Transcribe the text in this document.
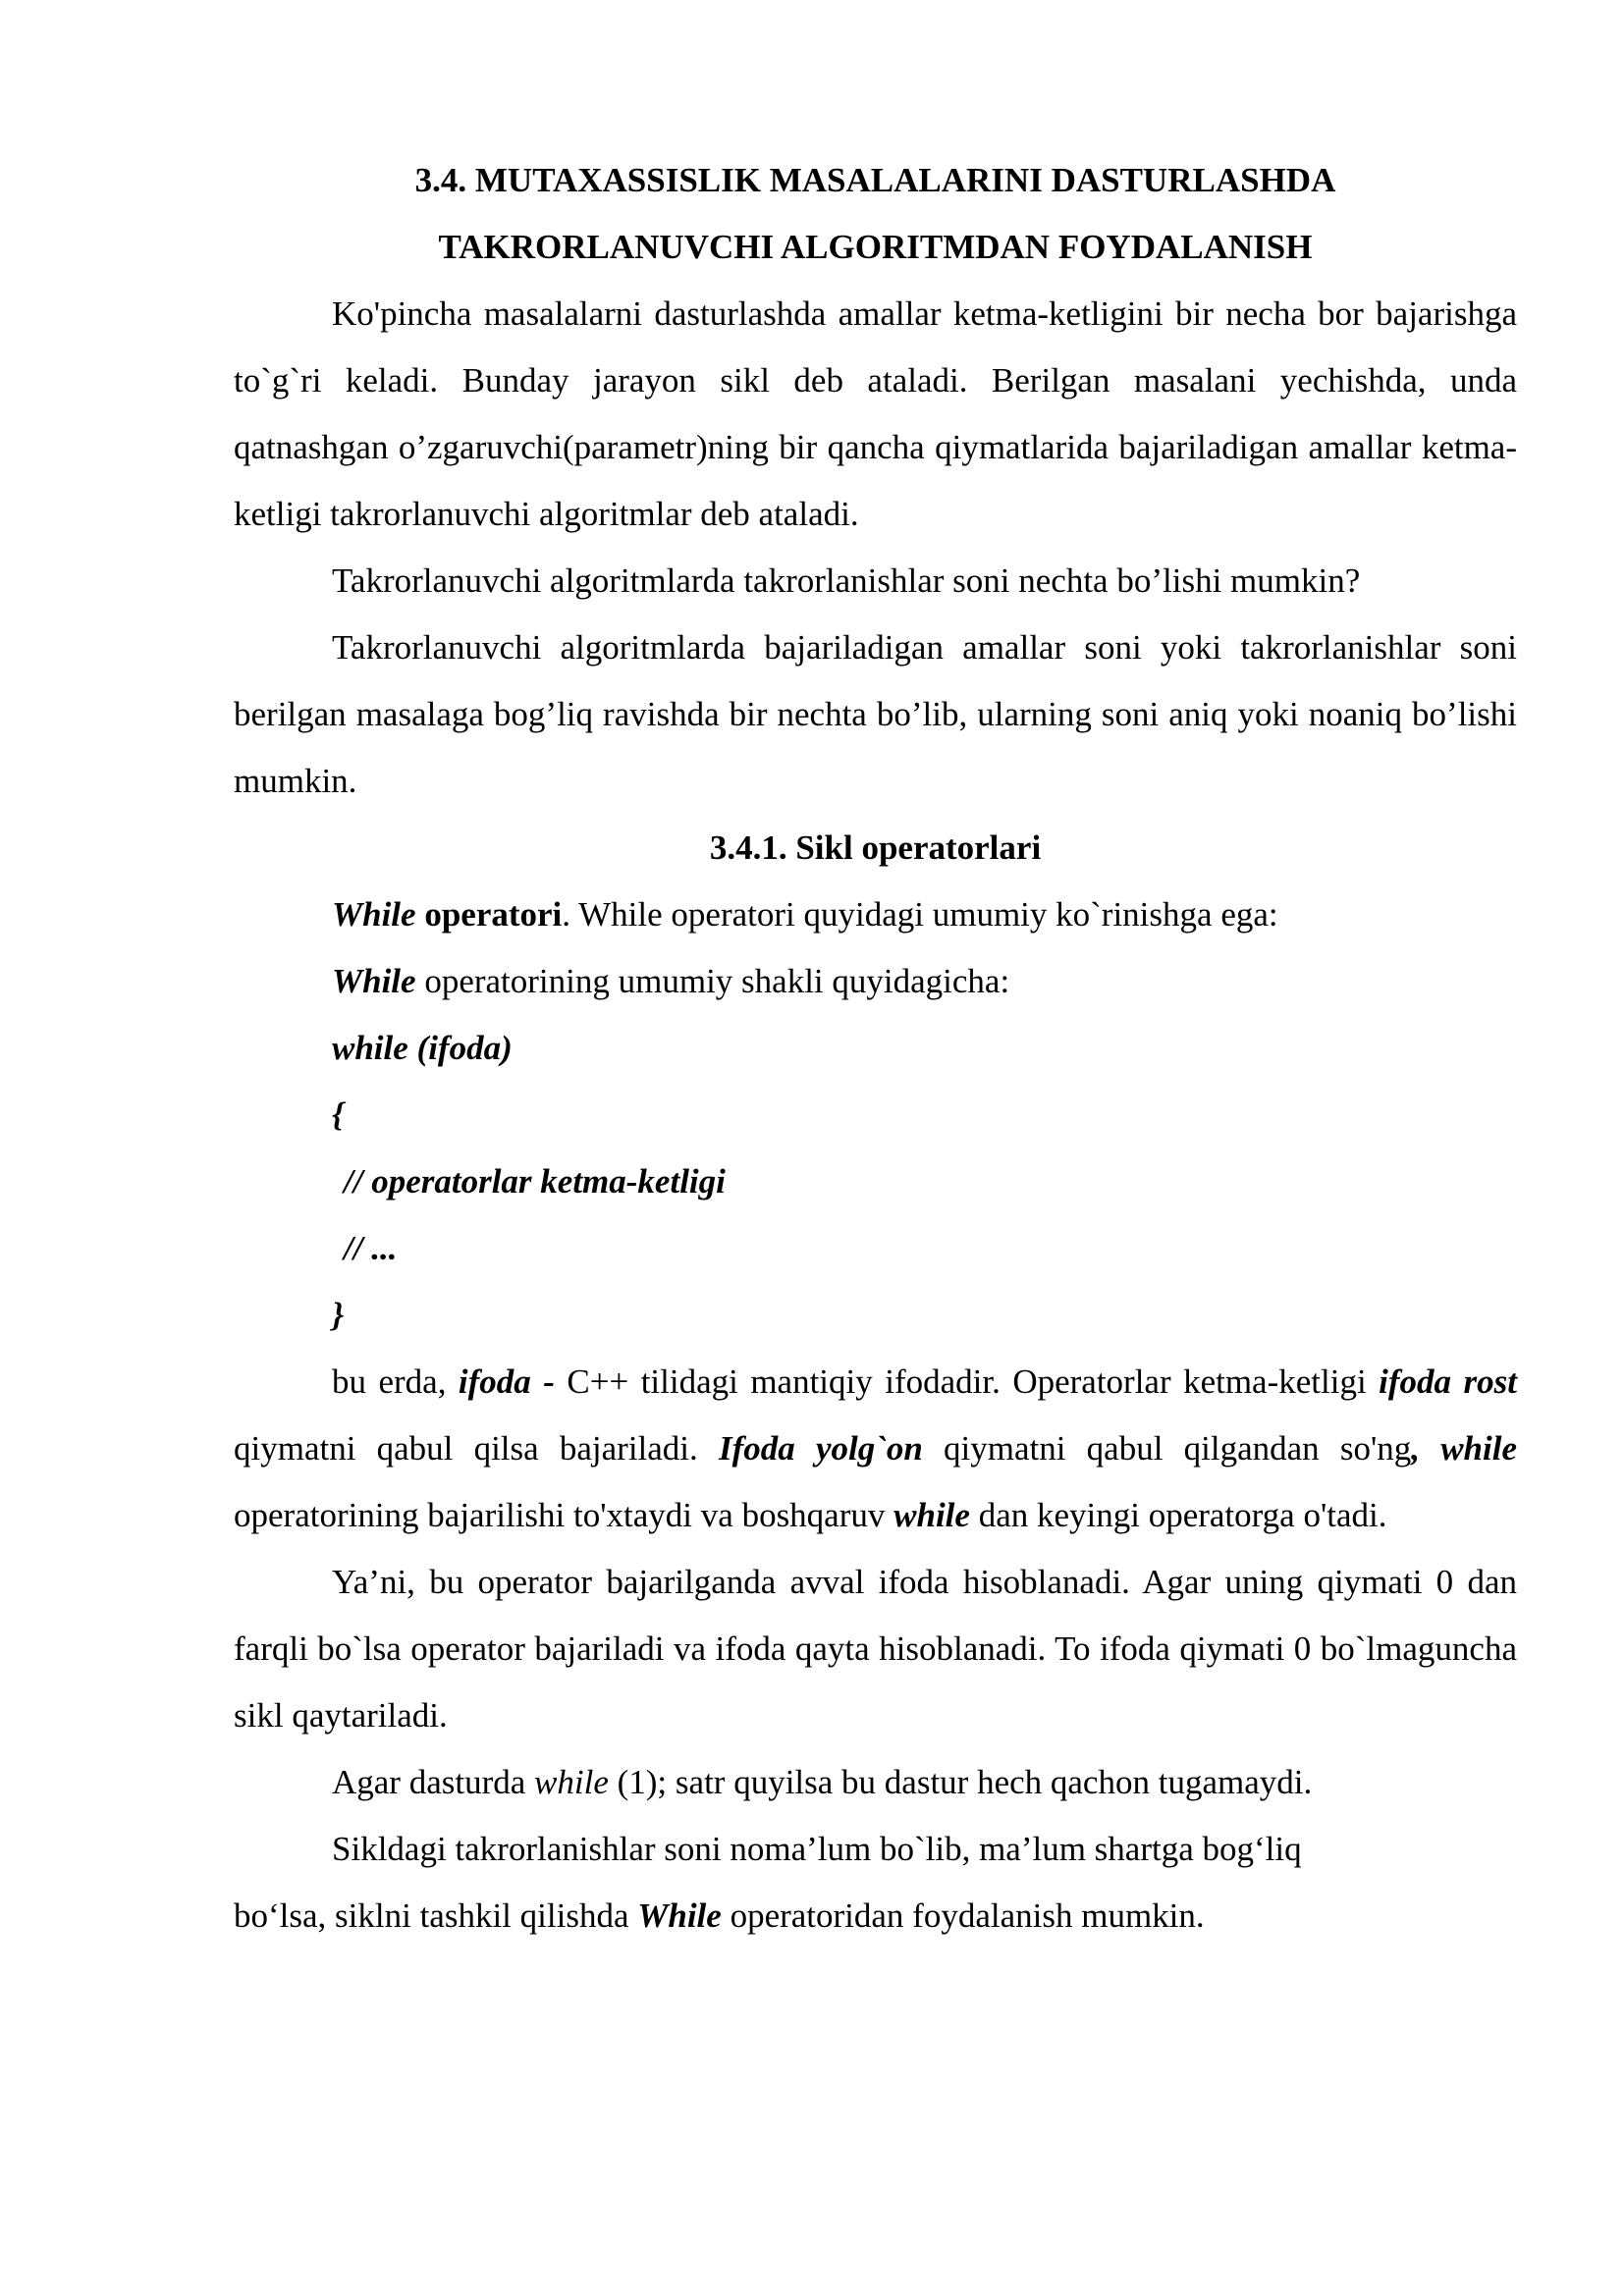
3.4. MUTAXASSISLIK MASALALARINI DASTURLASHDA

TAKRORLANUVCHI ALGORITMDAN FOYDALANISH

Ko'pincha masalalarni dasturlashda amallar ketma-ketligini bir necha bor bajarishga to`g`ri keladi. Bunday jarayon sikl deb ataladi. Berilgan masalani yechishda, unda qatnashgan o’zgaruvchi(parametr)ning bir qancha qiymatlarida bajariladigan amallar ketma-ketligi takrorlanuvchi algoritmlar deb ataladi.

Takrorlanuvchi algoritmlarda takrorlanishlar soni nechta bo’lishi mumkin?

Takrorlanuvchi algoritmlarda bajariladigan amallar soni yoki takrorlanishlar soni berilgan masalaga bog’liq ravishda bir nechta bo’lib, ularning soni aniq yoki noaniq bo’lishi mumkin.

3.4.1. Sikl operatorlari

While operatori. While operatori quyidagi umumiy ko`rinishga ega:

While operatorining umumiy shakli quyidagicha:

while (ifoda)

{

// operatorlar ketma-ketligi

// ...

}

bu erda, ifoda - C++ tilidagi mantiqiy ifodadir. Operatorlar ketma-ketligi ifoda rost qiymatni qabul qilsa bajariladi. Ifoda yolg`on qiymatni qabul qilgandan so'ng, while operatorining bajarilishi to'xtaydi va boshqaruv while dan keyingi operatorga o'tadi.

Ya’ni, bu operator bajarilganda avval ifoda hisoblanadi. Agar uning qiymati 0 dan farqli bo`lsa operator bajariladi va ifoda qayta hisoblanadi. To ifoda qiymati 0 bo`lmaguncha sikl qaytariladi.

Agar dasturda while (1); satr quyilsa bu dastur hech qachon tugamaydi.

Sikldagi takrorlanishlar soni noma’lum bo`lib, ma’lum shartga bog‘liq

bo‘lsa, siklni tashkil qilishda While operatoridan foydalanish mumkin.
